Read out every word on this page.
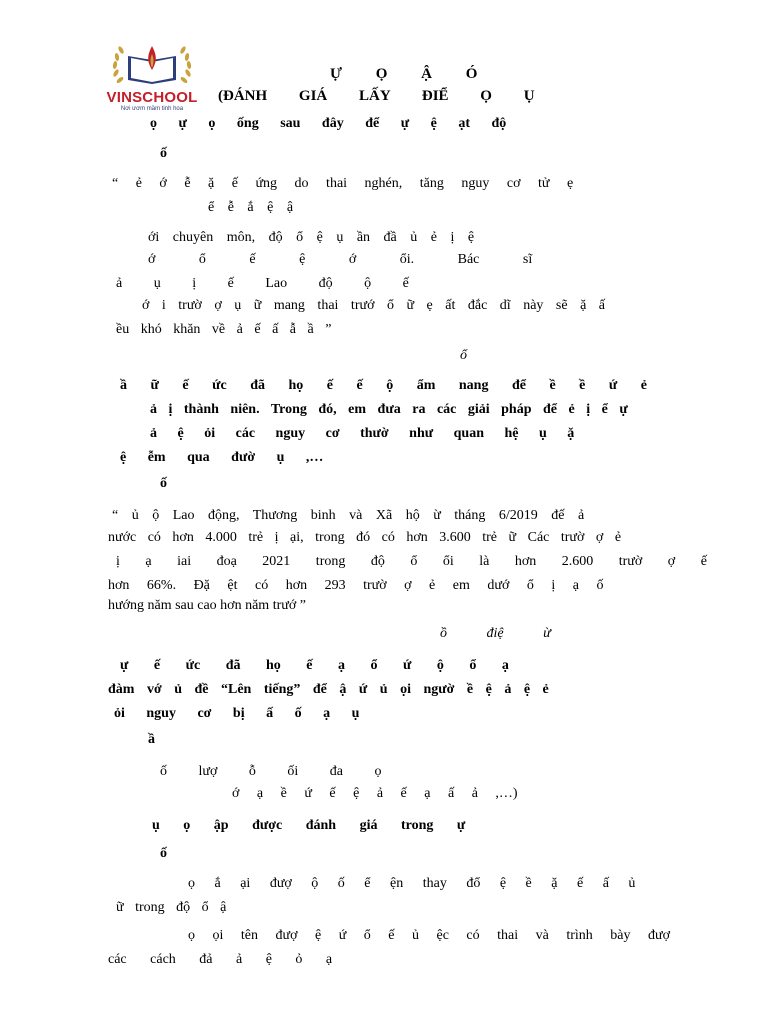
VINSCHOOL
Nơi ươm mầm tinh hoa
Ự Ọ Ậ Ó
(ĐÁNH GIÁ LẤY ĐIỂ Ọ Ụ
ọ ự ọ ống sau đây để ự ệ ạt độ
ố
“ ẻ ớ ễ ặ ế ứng do thai nghén, tăng nguy cơ tử ẹ
ể ễ ắ ệ ậ
ới chuyên môn, độ ổ ệ ụ ần đầ ủ ẻ ị ệ
ớ ổ ế ệ ớ ổi. Bác sĩ
ả ụ ị ế Lao độ ộ ế
ớ i trườ ợ ụ ữ mang thai trướ ổ ữ ẹ ất đắc dĩ này sẽ ặ ấ
ều khó khăn về ả ế ấ ẫ ầ ”
ổ
ầ ữ ế ức đã họ ế ế ộ ẩm nang để ề ề ứ ẻ
ả ị thành niên. Trong đó, em đưa ra các giải pháp để ẻ ị ể ự
ả ệ ỏi các nguy cơ thườ như quan hệ ụ ặ
ệ ễm qua đườ ụ ,…
ố
“ ủ ộ Lao động, Thương binh và Xã hộ ừ tháng 6/2019 đế ả
nước có hơn 4.000 trẻ ị ại, trong đó có hơn 3.600 trẻ ữ Các trườ ợ ẻ
ị ạ iai đoạ 2021 trong độ ổ ổi là hơn 2.600 trườ ợ ế
hơn 66%. Đặ ệt có hơn 293 trườ ợ ẻ em dướ ổ ị ạ ố
hướng năm sau cao hơn năm trướ ”
ồ điệ ừ
ự ế ức đã họ ế ạ ổ ứ ộ ổ ạ
đàm vớ ủ đề “Lên tiếng” để ậ ứ ủ ọi ngườ ề ệ ả ệ ẻ
ỏi nguy cơ bị ấ ố ạ ụ
ầ
ố lượ ỗ ối đa ọ
ớ ạ ề ứ ế ệ ả ế ạ ấ ả ,…)
ụ ọ ập được đánh giá trong ự
ố
ọ ắ ại đượ ộ ố ể ện thay đổ ệ ề ặ ế ấ ủ
ữ trong độ ổ ậ
ọ ọi tên đượ ệ ứ ổ ế ủ ệc có thai và trình bày đượ
các cách đả ả ệ ỏ ạ
